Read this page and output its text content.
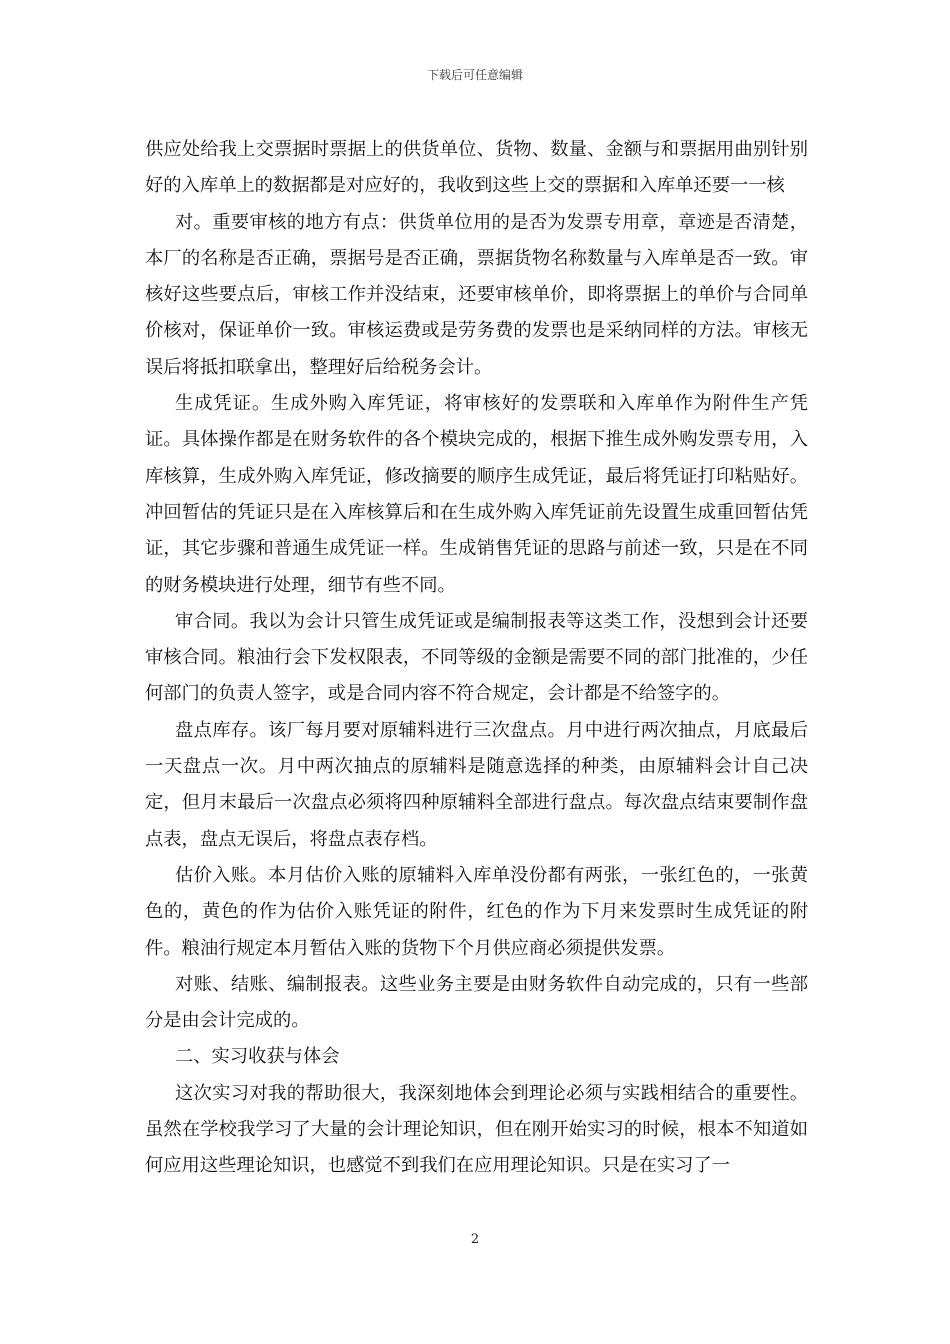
下载后可任意编辑

供应处给我上交票据时票据上的供货单位、货物、数量、金额与和票据用曲别针别好的入库单上的数据都是对应好的，我收到这些上交的票据和入库单还要一一核

对。重要审核的地方有点：供货单位用的是否为发票专用章，章迹是否清楚，本厂的名称是否正确，票据号是否正确，票据货物名称数量与入库单是否一致。审核好这些要点后，审核工作并没结束，还要审核单价，即将票据上的单价与合同单价核对，保证单价一致。审核运费或是劳务费的发票也是采纳同样的方法。审核无误后将抵扣联拿出，整理好后给税务会计。

生成凭证。生成外购入库凭证，将审核好的发票联和入库单作为附件生产凭证。具体操作都是在财务软件的各个模块完成的，根据下推生成外购发票专用，入库核算，生成外购入库凭证，修改摘要的顺序生成凭证，最后将凭证打印粘贴好。冲回暂估的凭证只是在入库核算后和在生成外购入库凭证前先设置生成重回暂估凭证，其它步骤和普通生成凭证一样。生成销售凭证的思路与前述一致，只是在不同的财务模块进行处理，细节有些不同。

审合同。我以为会计只管生成凭证或是编制报表等这类工作，没想到会计还要审核合同。粮油行会下发权限表，不同等级的金额是需要不同的部门批准的，少任何部门的负责人签字，或是合同内容不符合规定，会计都是不给签字的。

盘点库存。该厂每月要对原辅料进行三次盘点。月中进行两次抽点，月底最后一天盘点一次。月中两次抽点的原辅料是随意选择的种类，由原辅料会计自己决定，但月末最后一次盘点必须将四种原辅料全部进行盘点。每次盘点结束要制作盘点表，盘点无误后，将盘点表存档。

估价入账。本月估价入账的原辅料入库单没份都有两张，一张红色的，一张黄色的，黄色的作为估价入账凭证的附件，红色的作为下月来发票时生成凭证的附件。粮油行规定本月暂估入账的货物下个月供应商必须提供发票。

对账、结账、编制报表。这些业务主要是由财务软件自动完成的，只有一些部分是由会计完成的。

二、实习收获与体会

这次实习对我的帮助很大，我深刻地体会到理论必须与实践相结合的重要性。虽然在学校我学习了大量的会计理论知识，但在刚开始实习的时候，根本不知道如何应用这些理论知识，也感觉不到我们在应用理论知识。只是在实习了一

2
